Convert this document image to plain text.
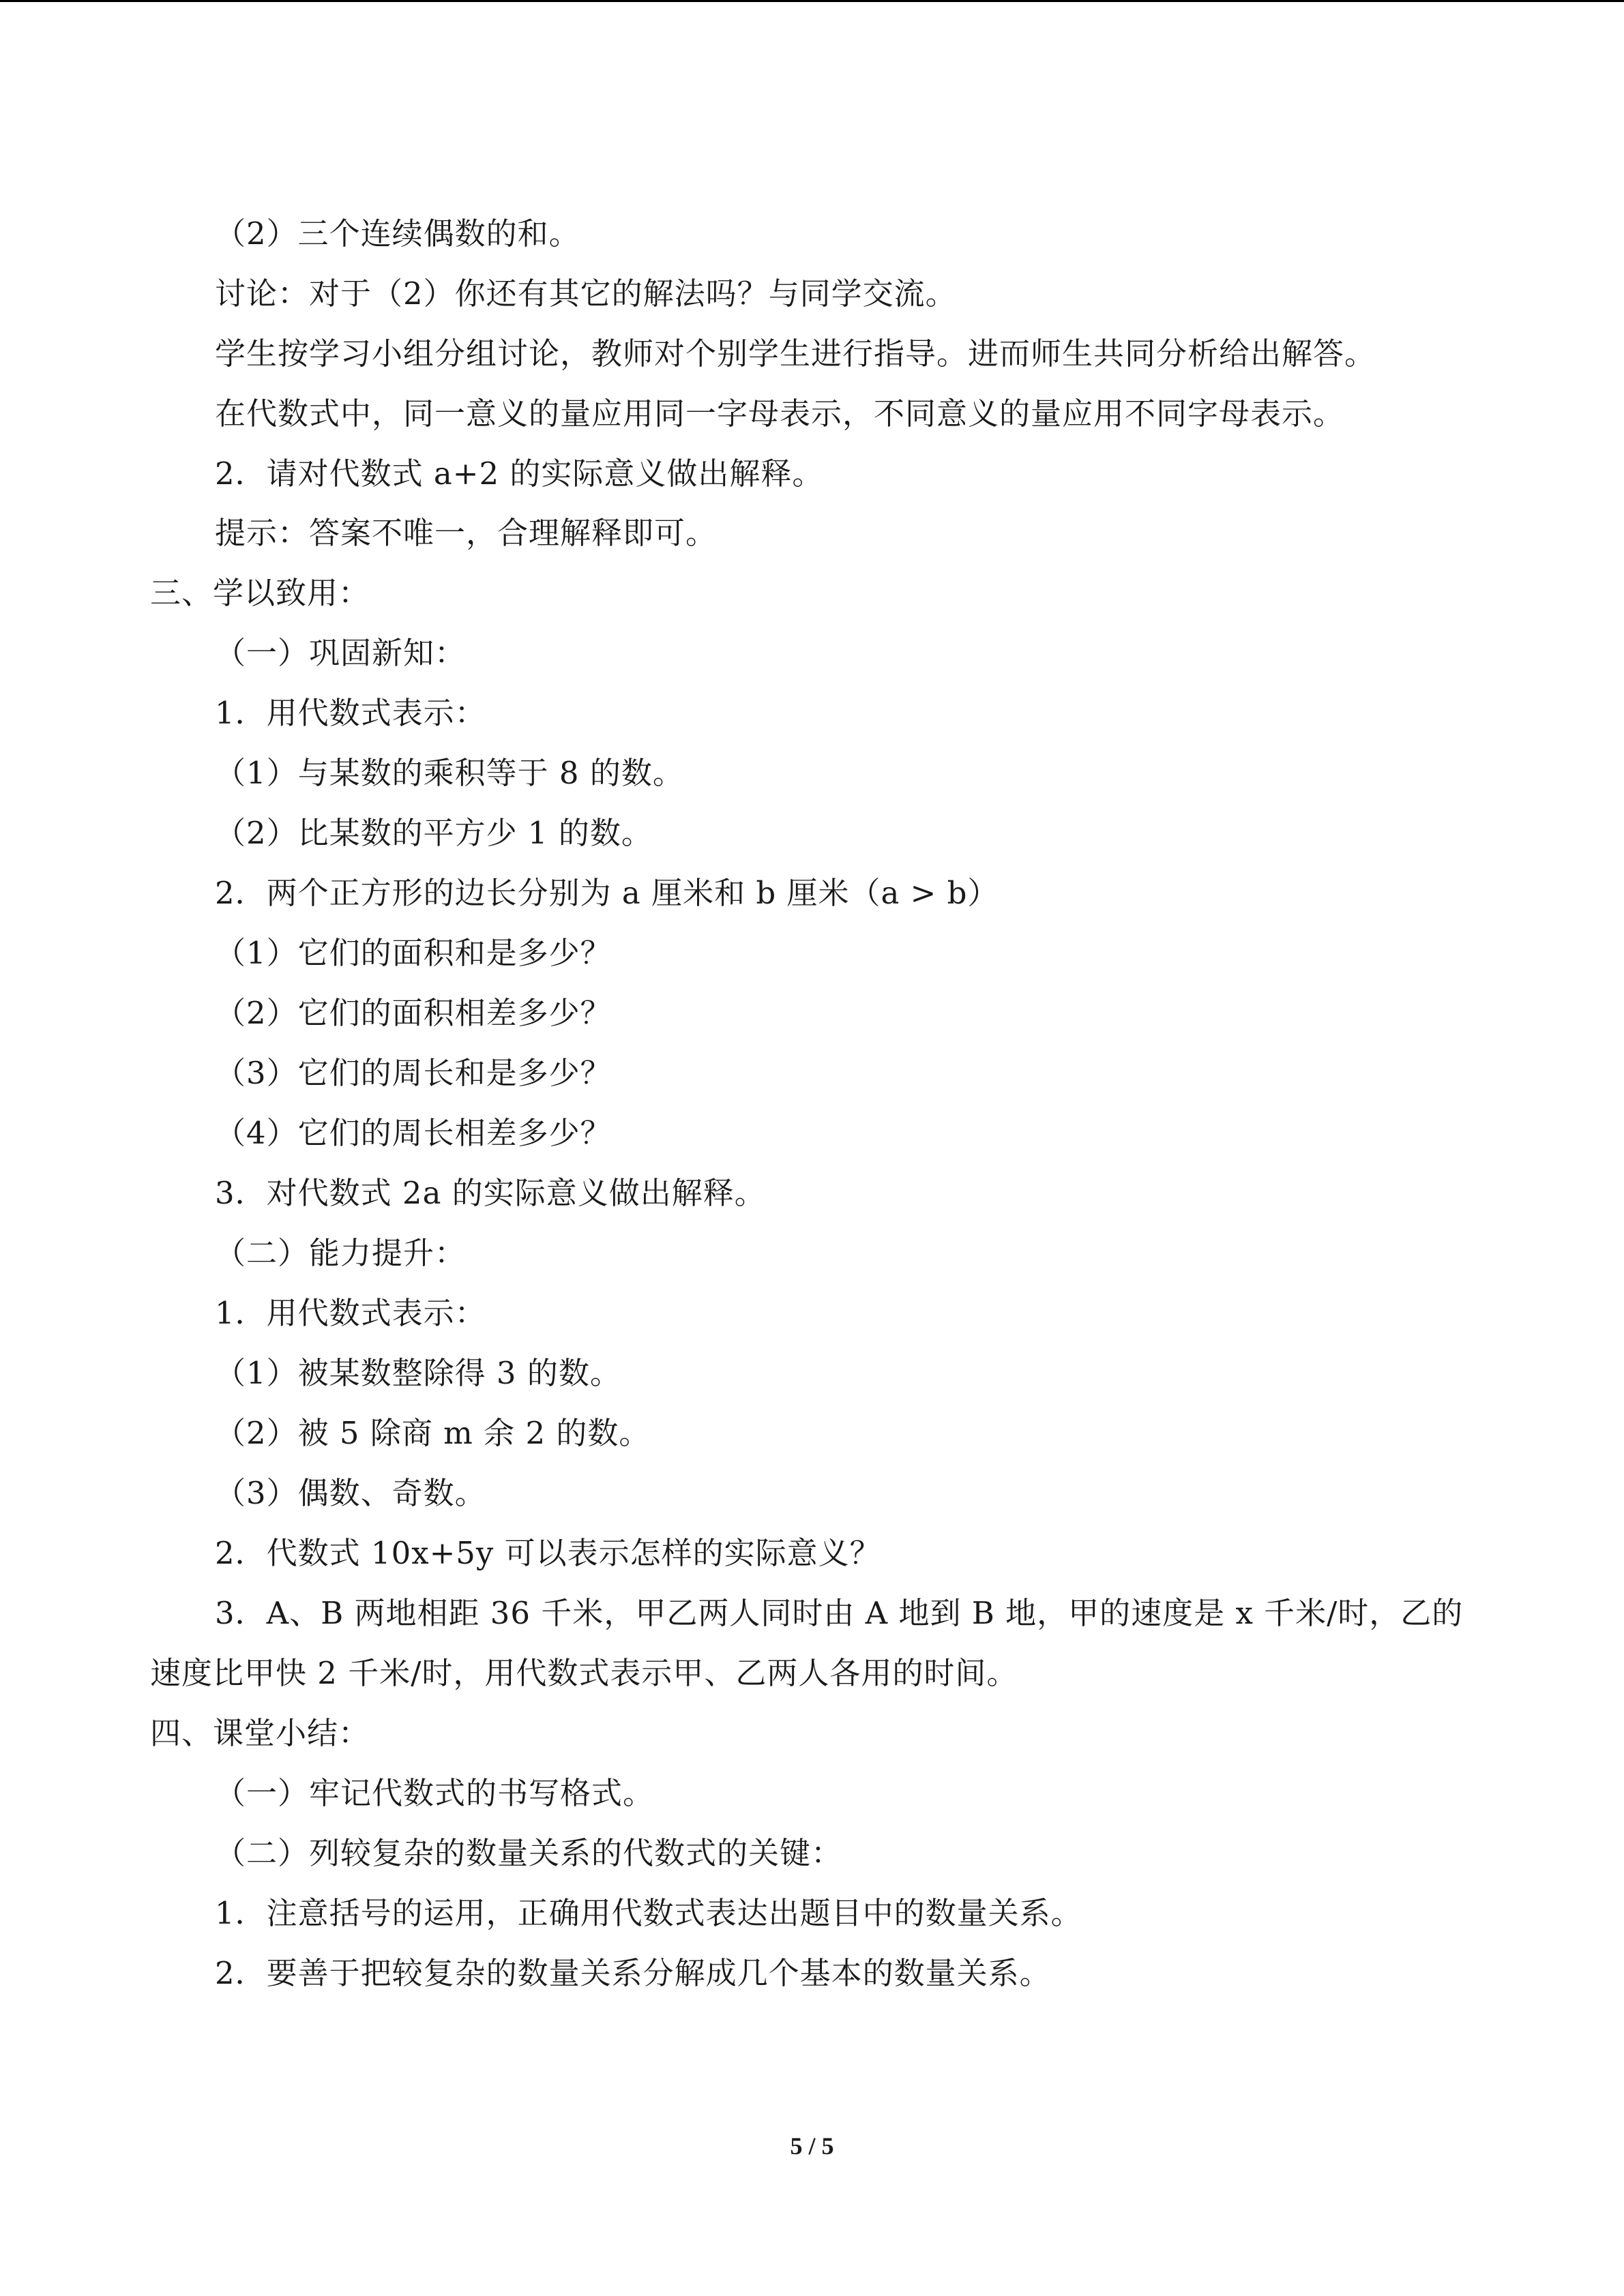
（2）三个连续偶数的和。
讨论：对于（2）你还有其它的解法吗？与同学交流。
学生按学习小组分组讨论，教师对个别学生进行指导。进而师生共同分析给出解答。
在代数式中，同一意义的量应用同一字母表示，不同意义的量应用不同字母表示。
2．请对代数式 a+2 的实际意义做出解释。
提示：答案不唯一，合理解释即可。
三、学以致用：
（一）巩固新知：
1．用代数式表示：
（1）与某数的乘积等于 8 的数。
（2）比某数的平方少 1 的数。
2．两个正方形的边长分别为 a 厘米和 b 厘米（a > b）
（1）它们的面积和是多少？
（2）它们的面积相差多少？
（3）它们的周长和是多少？
（4）它们的周长相差多少？
3．对代数式 2a 的实际意义做出解释。
（二）能力提升：
1．用代数式表示：
（1）被某数整除得 3 的数。
（2）被 5 除商 m 余 2 的数。
（3）偶数、奇数。
2．代数式 10x+5y 可以表示怎样的实际意义？
3．A、B 两地相距 36 千米，甲乙两人同时由 A 地到 B 地，甲的速度是 x 千米/时，乙的
速度比甲快 2 千米/时，用代数式表示甲、乙两人各用的时间。
四、课堂小结：
（一）牢记代数式的书写格式。
（二）列较复杂的数量关系的代数式的关键：
1．注意括号的运用，正确用代数式表达出题目中的数量关系。
2．要善于把较复杂的数量关系分解成几个基本的数量关系。
5 / 5
